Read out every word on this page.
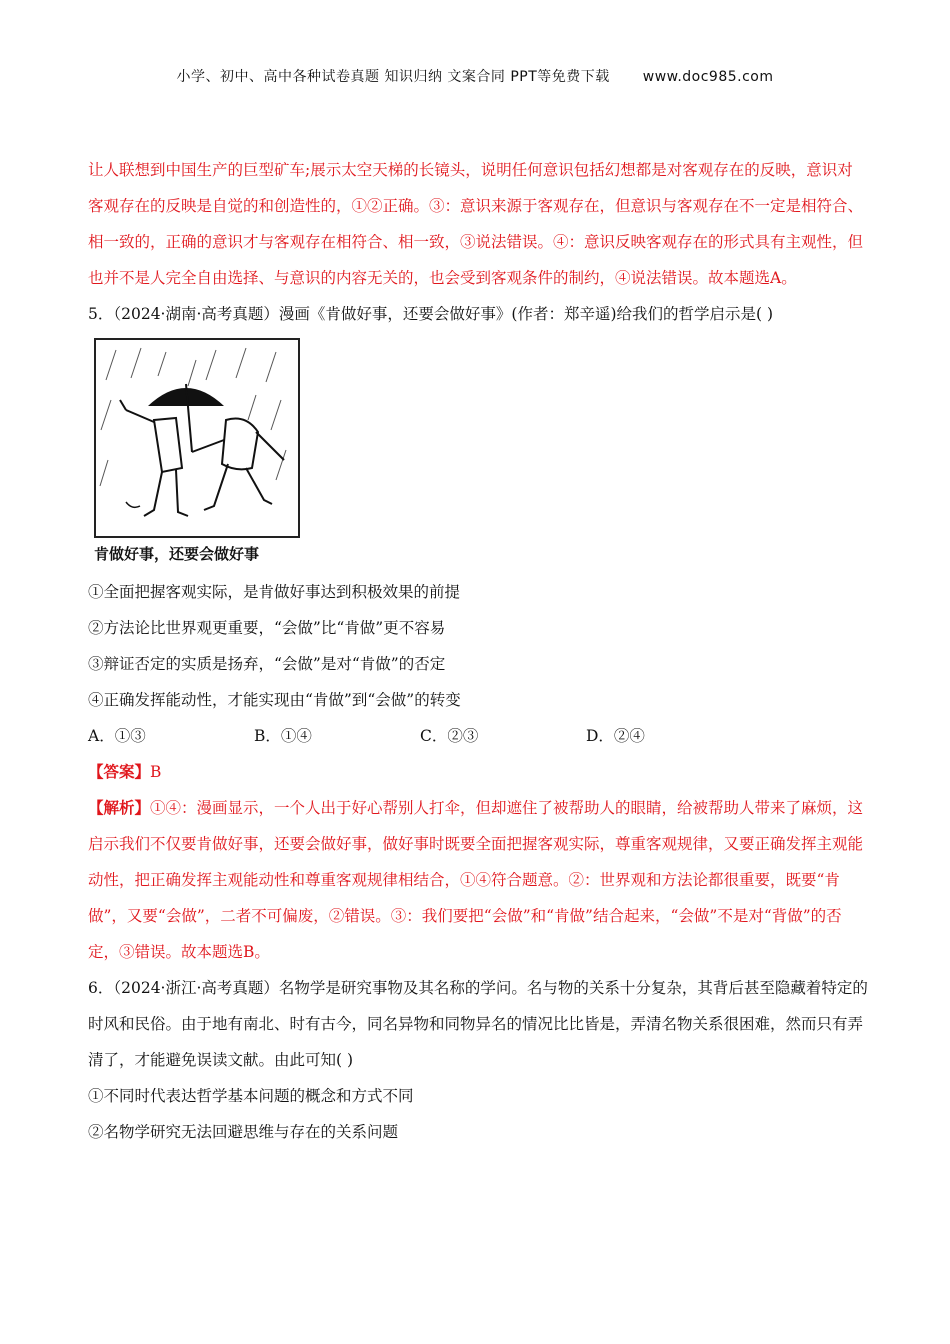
小学、初中、高中各种试卷真题 知识归纳 文案合同 PPT等免费下载 www.doc985.com

让人联想到中国生产的巨型矿车;展示太空天梯的长镜头，说明任何意识包括幻想都是对客观存在的反映，意识对客观存在的反映是自觉的和创造性的，①②正确。③：意识来源于客观存在，但意识与客观存在不一定是相符合、相一致的，正确的意识才与客观存在相符合、相一致，③说法错误。④：意识反映客观存在的形式具有主观性，但也并不是人完全自由选择、与意识的内容无关的，也会受到客观条件的制约，④说法错误。故本题选A。

5．（2024·湖南·高考真题）漫画《肯做好事，还要会做好事》(作者：郑辛遥)给我们的哲学启示是( )

肯做好事，还要会做好事

①全面把握客观实际，是肯做好事达到积极效果的前提

②方法论比世界观更重要，“会做”比“肯做”更不容易

③辩证否定的实质是扬弃，“会做”是对“肯做”的否定

④正确发挥能动性，才能实现由“肯做”到“会做”的转变

A．①③	B．①④	C．②③	D．②④

【答案】B

【解析】①④：漫画显示，一个人出于好心帮别人打伞，但却遮住了被帮助人的眼睛，给被帮助人带来了麻烦，这启示我们不仅要肯做好事，还要会做好事，做好事时既要全面把握客观实际，尊重客观规律，又要正确发挥主观能动性，把正确发挥主观能动性和尊重客观规律相结合，①④符合题意。②：世界观和方法论都很重要，既要“肯做”，又要“会做”，二者不可偏废，②错误。③：我们要把“会做”和“肯做”结合起来，“会做”不是对“背做”的否定，③错误。故本题选B。

6．（2024·浙江·高考真题）名物学是研究事物及其名称的学问。名与物的关系十分复杂，其背后甚至隐藏着特定的时风和民俗。由于地有南北、时有古今，同名异物和同物异名的情况比比皆是，弄清名物关系很困难，然而只有弄清了，才能避免误读文献。由此可知( )

①不同时代表达哲学基本问题的概念和方式不同

②名物学研究无法回避思维与存在的关系问题
